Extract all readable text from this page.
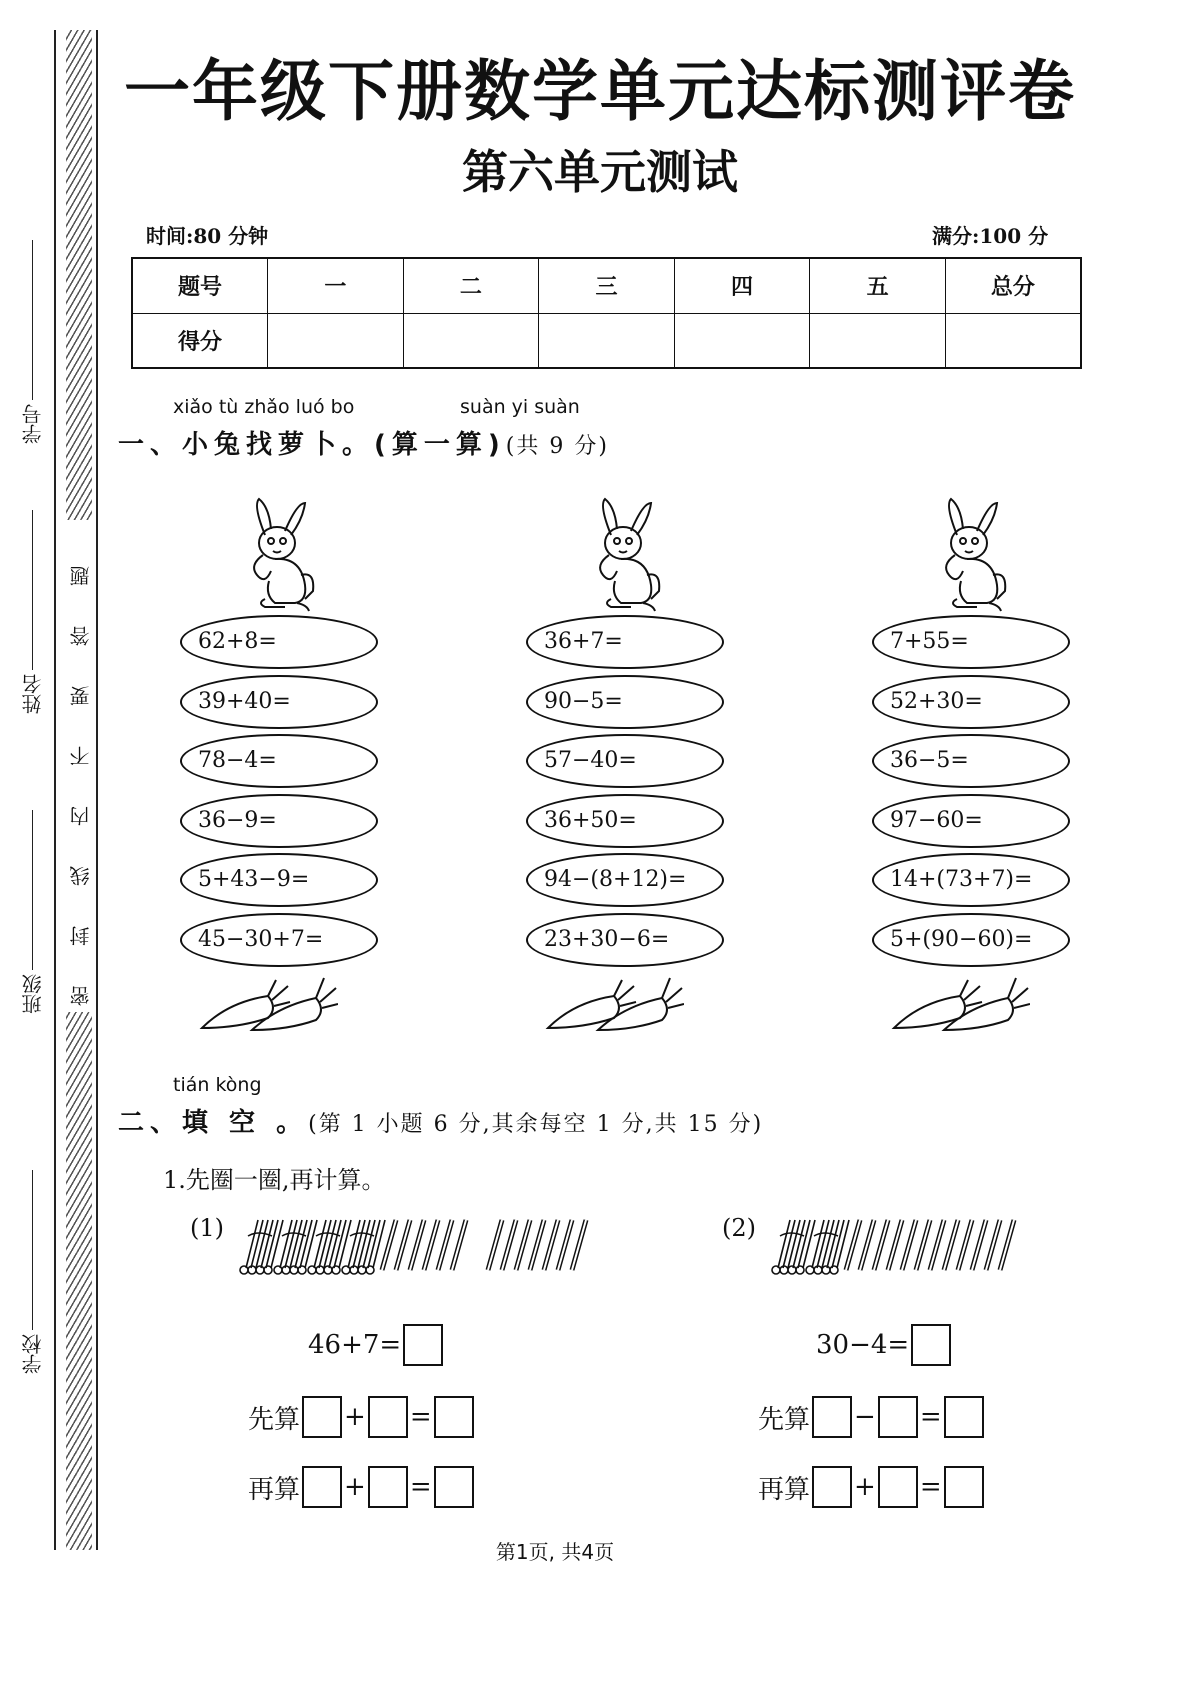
密封线内不要答题
学号
姓名
班级
学校
一年级下册数学单元达标测评卷
第六单元测试
时间:80 分钟	满分:100 分
题号	一	二	三	四	五	总分
得分						
xiǎo tù zhǎo luó bo	suàn yi suàn
一、小兔找萝卜。(算一算)(共 9 分)
62+8=
39+40=
78−4=
36−9=
5+43−9=
45−30+7=
36+7=
90−5=
57−40=
36+50=
94−(8+12)=
23+30−6=
7+55=
52+30=
36−5=
97−60=
14+(73+7)=
5+(90−60)=
tián kòng
二、填 空 。(第 1 小题 6 分,其余每空 1 分,共 15 分)
1.先圈一圈,再计算。
(1)
46+7=
先算 + =
再算 + =
(2)
30−4=
先算 − =
再算 + =
第1页, 共4页
